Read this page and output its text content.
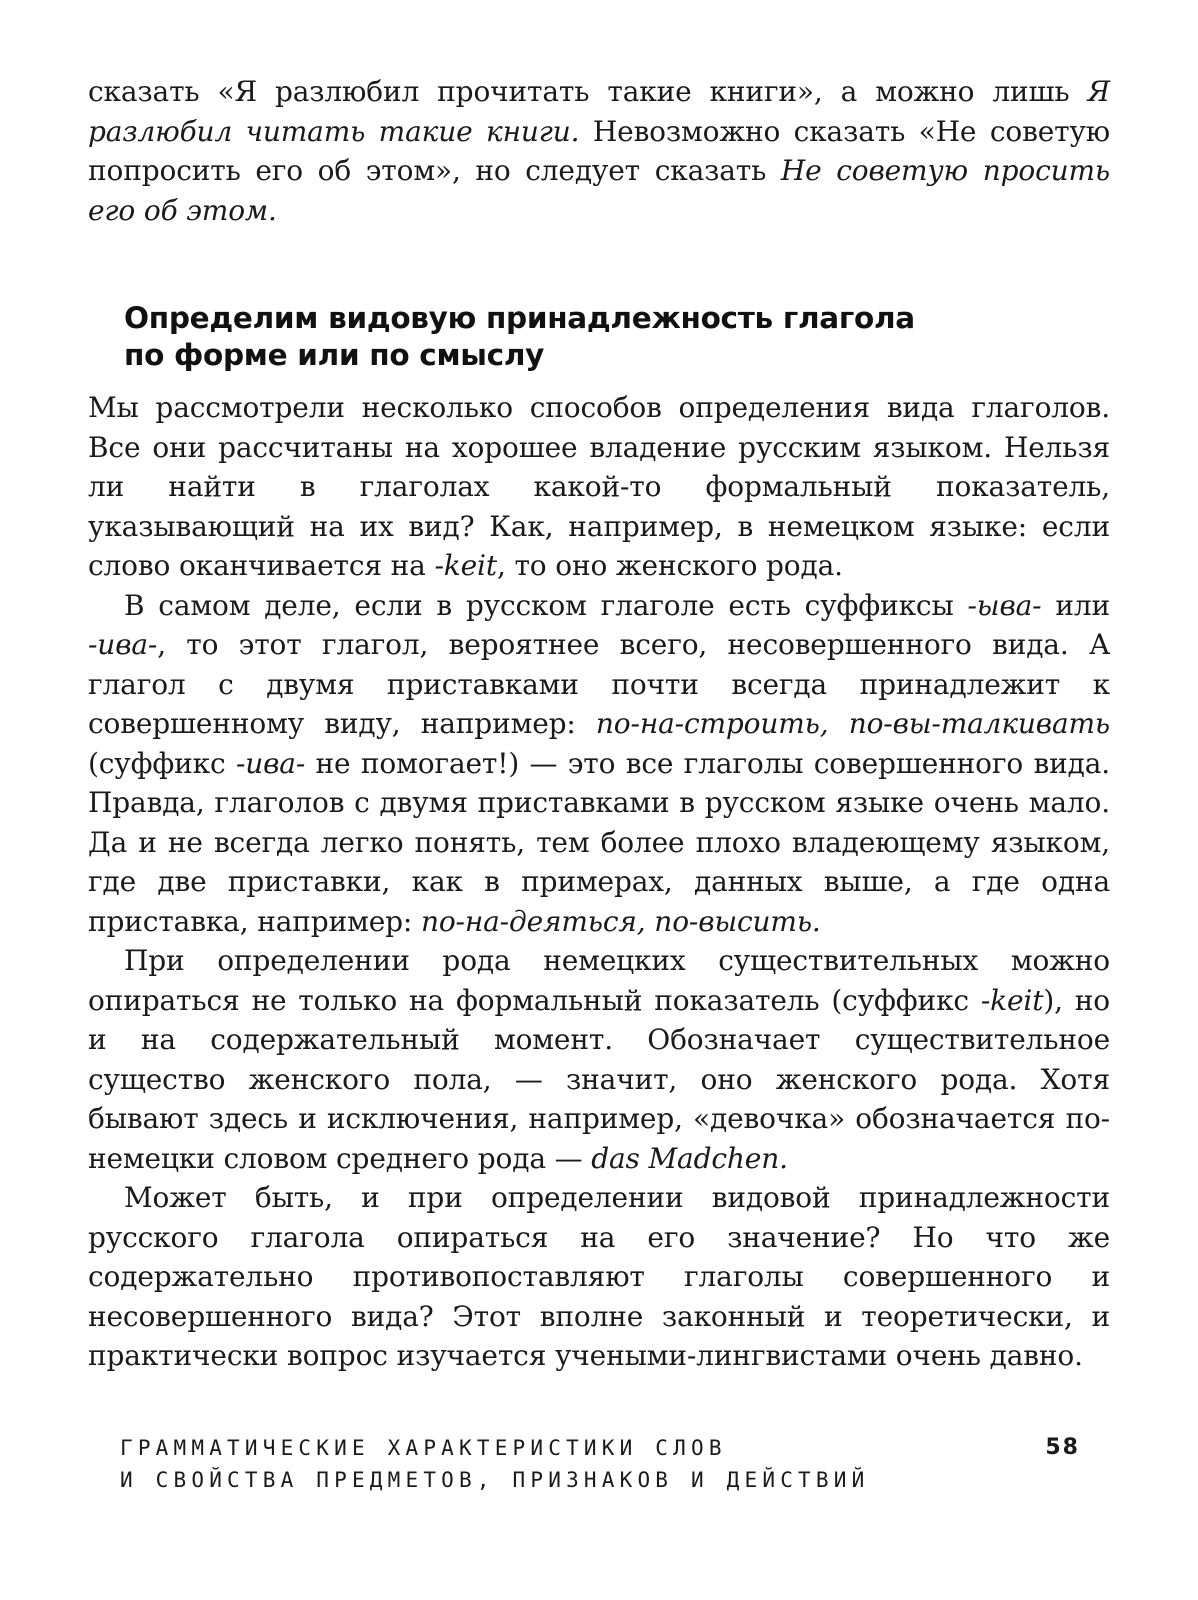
сказать «Я разлюбил прочитать такие книги», а можно лишь Я разлюбил читать такие книги. Невозможно сказать «Не советую попросить его об этом», но следует сказать Не советую просить его об этом.

Определим видовую принадлежность глагола
по форме или по смыслу

Мы рассмотрели несколько способов определения вида глаголов. Все они рассчитаны на хорошее владение русским языком. Нельзя ли найти в глаголах какой-то формальный показатель, указывающий на их вид? Как, например, в немецком языке: если слово оканчивается на -keit, то оно женского рода.

В самом деле, если в русском глаголе есть суффиксы -ыва- или -ива-, то этот глагол, вероятнее всего, несовершенного вида. А глагол с двумя приставками почти всегда принадлежит к совершенному виду, например: по-на-строить, по-вы-талкивать (суффикс -ива- не помогает!) — это все глаголы совершенного вида. Правда, глаголов с двумя приставками в русском языке очень мало. Да и не всегда легко понять, тем более плохо владеющему языком, где две приставки, как в примерах, данных выше, а где одна приставка, например: по-на-деяться, по-высить.

При определении рода немецких существительных можно опираться не только на формальный показатель (суффикс -keit), но и на содержательный момент. Обозначает существительное существо женского пола, — значит, оно женского рода. Хотя бывают здесь и исключения, например, «девочка» обозначается по-немецки словом среднего рода — das Madchen.

Может быть, и при определении видовой принадлежности русского глагола опираться на его значение? Но что же содержательно противопоставляют глаголы совершенного и несовершенного вида? Этот вполне законный и теоретически, и практически вопрос изучается учеными-лингвистами очень давно.

ГРАММАТИЧЕСКИЕ ХАРАКТЕРИСТИКИ СЛОВ
И СВОЙСТВА ПРЕДМЕТОВ, ПРИЗНАКОВ И ДЕЙСТВИЙ
58
